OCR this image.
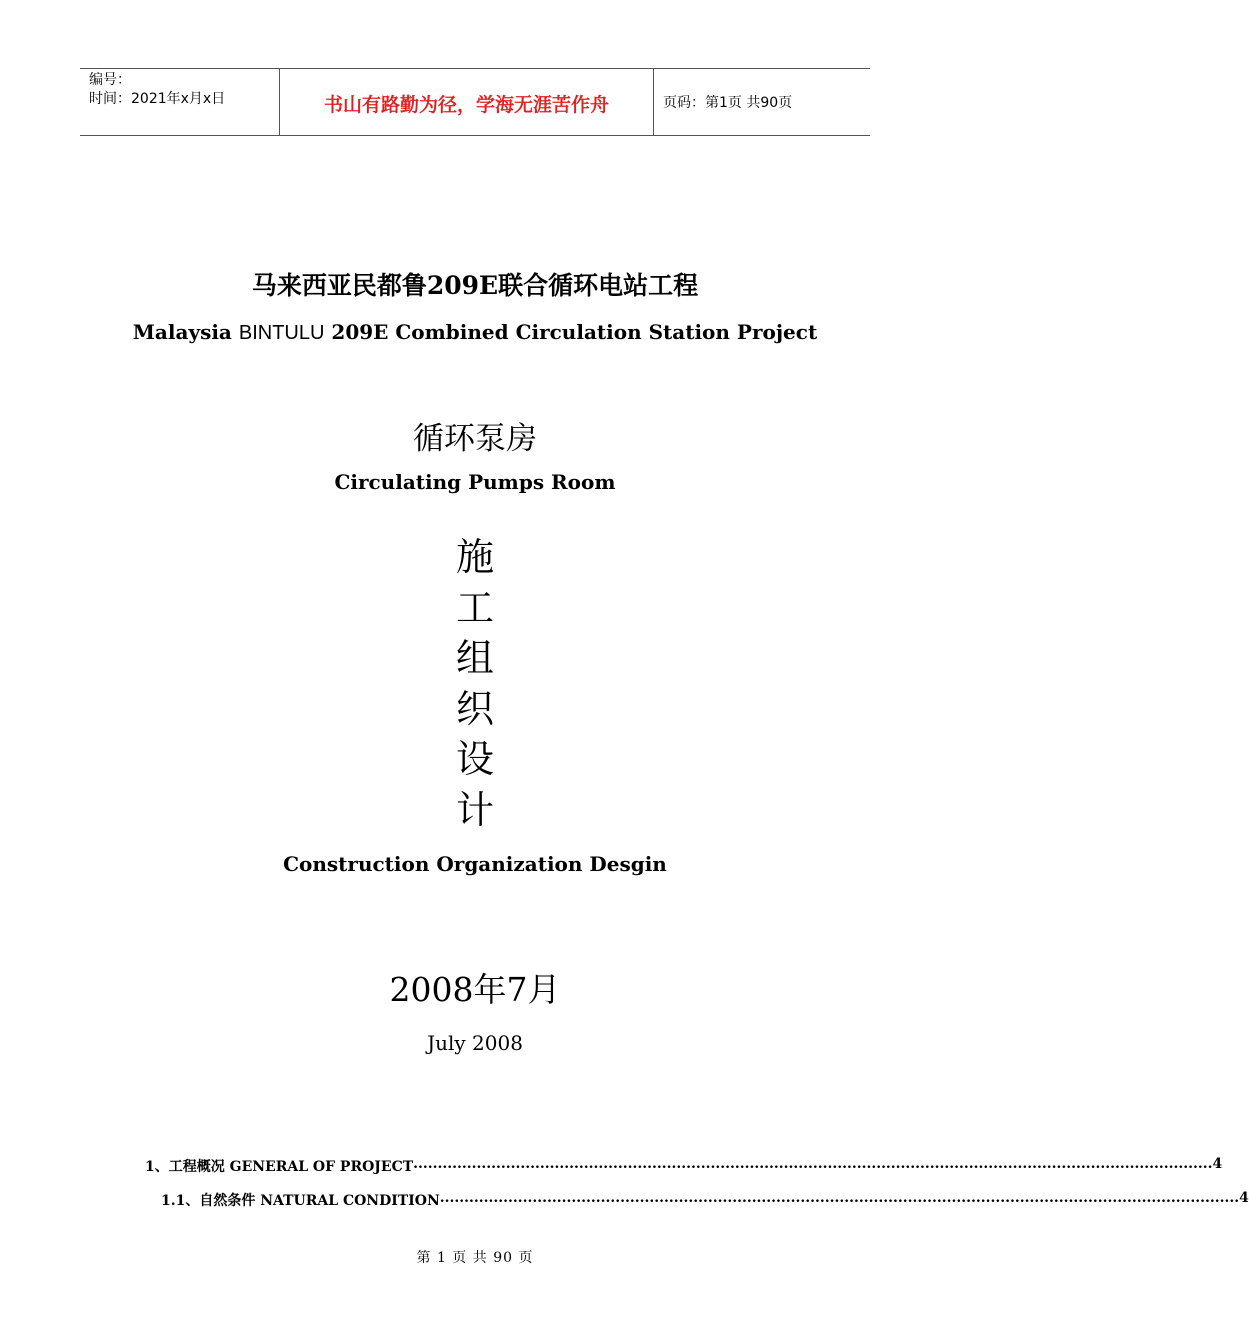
编号：
时间：2021年x月x日	书山有路勤为径，学海无涯苦作舟	页码：第1页 共90页
马来西亚民都鲁209E联合循环电站工程
Malaysia BINTULU 209E Combined Circulation Station Project
循环泵房
Circulating Pumps Room
施
工
组
织
设
计
Construction Organization Desgin
2008年7月
July 2008
1、工程概况 GENERAL OF PROJECT .................................................................................................................................................................... 4
1.1、自然条件 NATURAL CONDITION .................................................................................................................................................................... 4
第 1 页 共 90 页
